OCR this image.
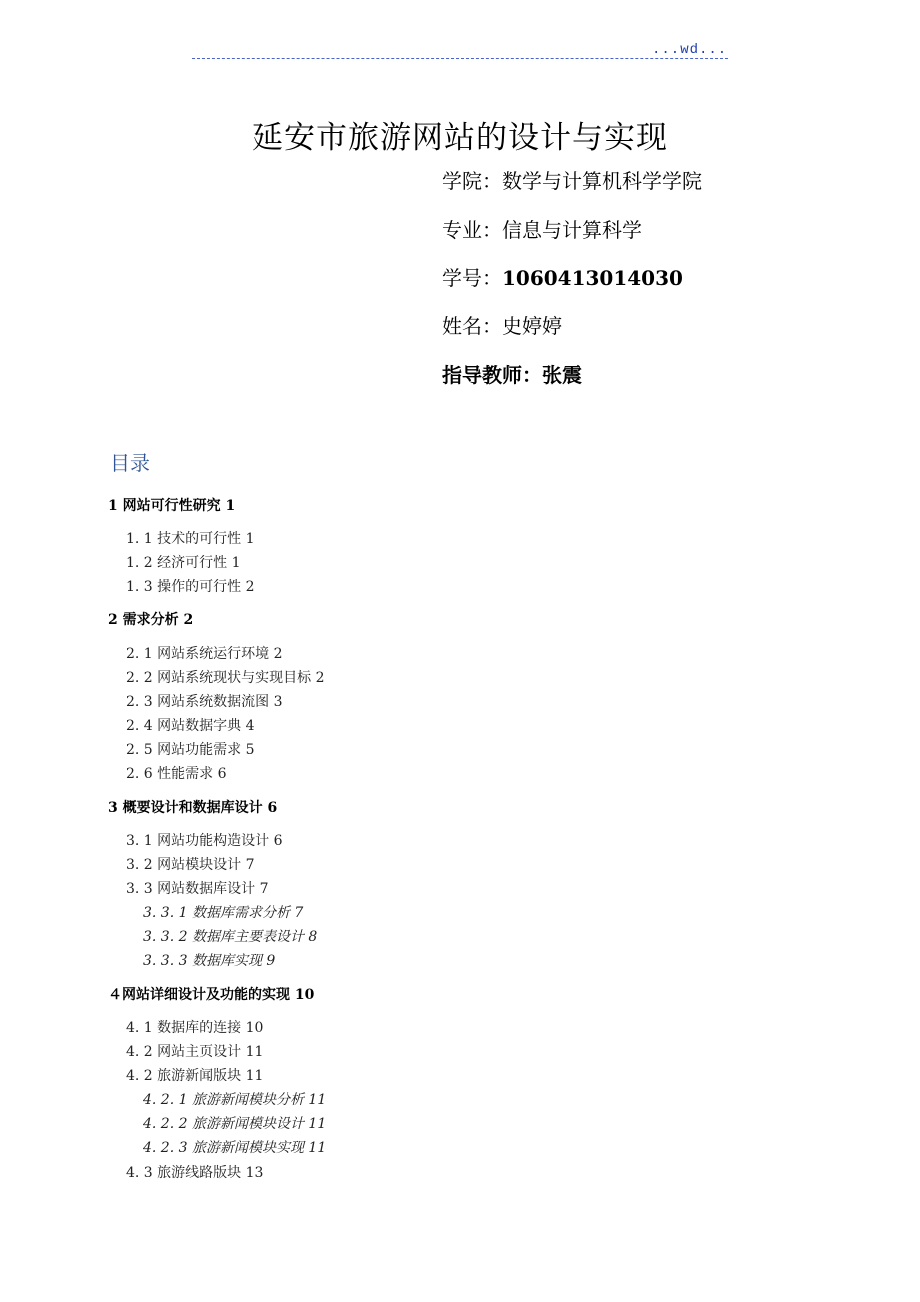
...wd...
延安市旅游网站的设计与实现
学院：数学与计算机科学学院
专业：信息与计算科学
学号：1060413014030
姓名：史婷婷
指导教师：张震
目录
1 网站可行性研究 1
1. 1 技术的可行性 1
1. 2 经济可行性 1
1. 3 操作的可行性 2
2 需求分析 2
2. 1 网站系统运行环境 2
2. 2 网站系统现状与实现目标 2
2. 3 网站系统数据流图 3
2. 4 网站数据字典 4
2. 5 网站功能需求 5
2. 6 性能需求 6
3 概要设计和数据库设计 6
3. 1 网站功能构造设计 6
3. 2 网站模块设计 7
3. 3 网站数据库设计 7
3. 3. 1 数据库需求分析 7
3. 3. 2 数据库主要表设计 8
3. 3. 3 数据库实现 9
４网站详细设计及功能的实现 10
4. 1 数据库的连接 10
4. 2 网站主页设计 11
4. 2 旅游新闻版块 11
4. 2. 1 旅游新闻模块分析 11
4. 2. 2 旅游新闻模块设计 11
4. 2. 3 旅游新闻模块实现 11
4. 3 旅游线路版块 13
